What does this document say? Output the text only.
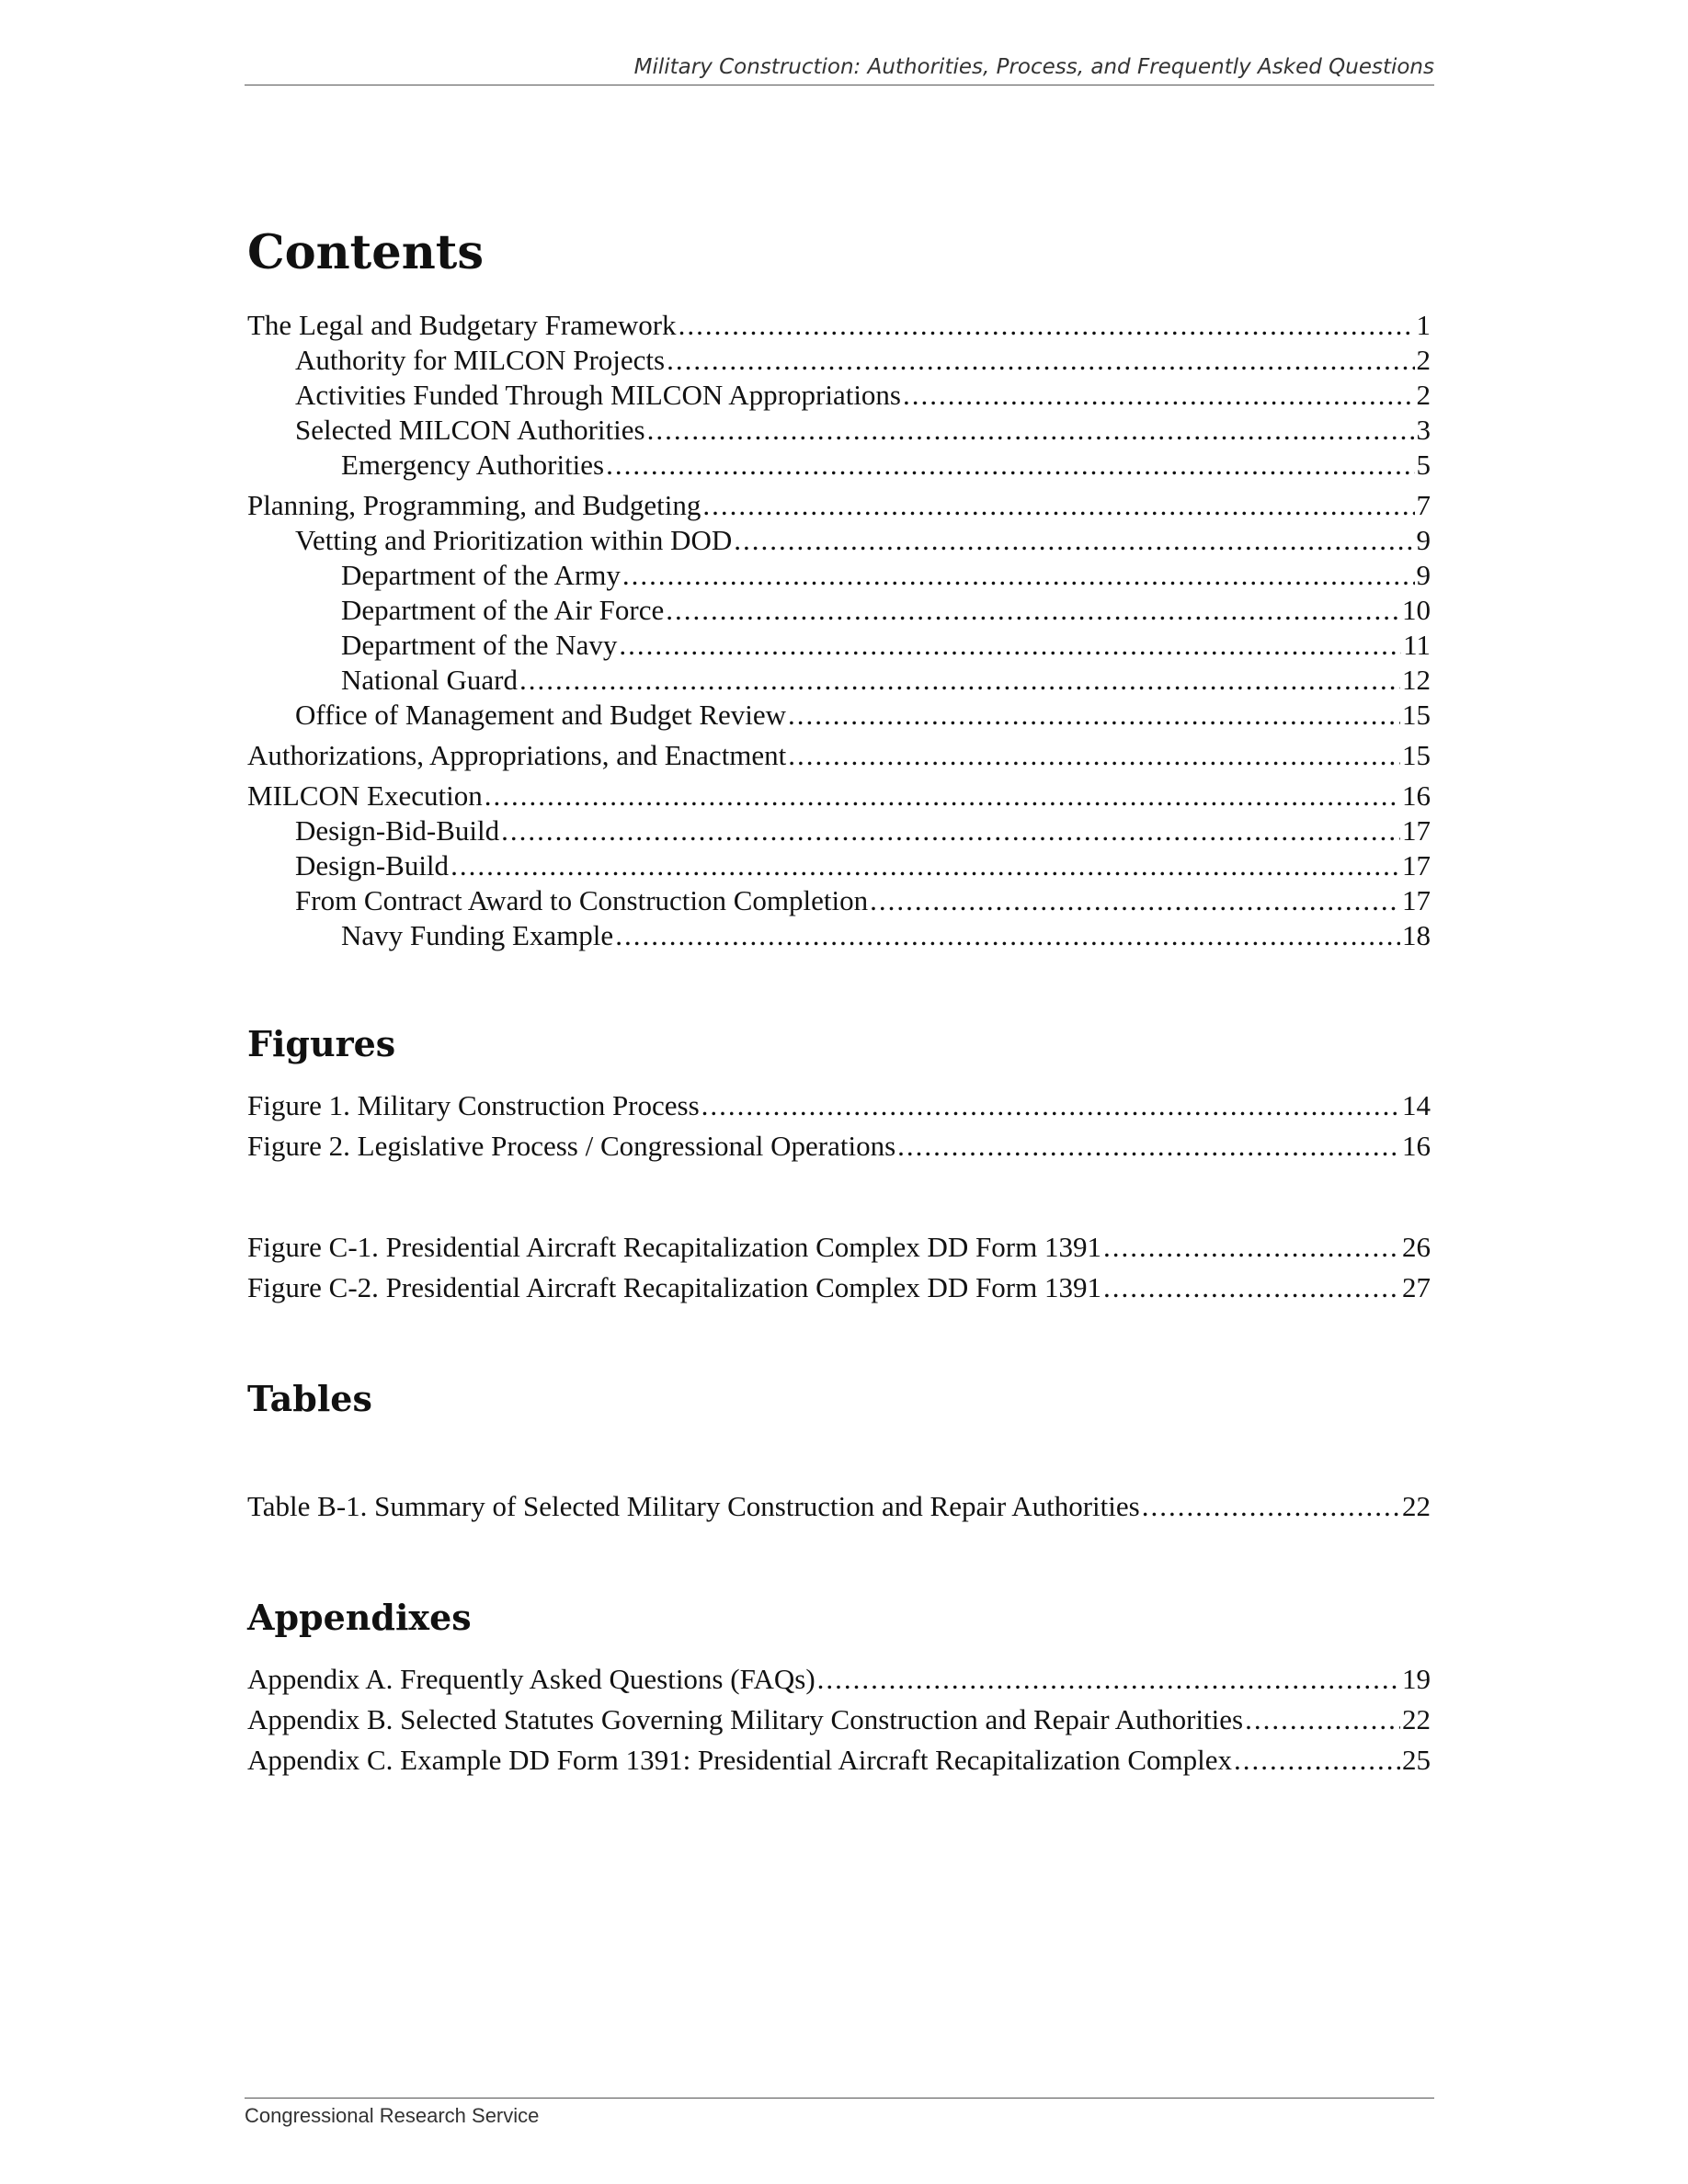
Military Construction: Authorities, Process, and Frequently Asked Questions
Contents
The Legal and Budgetary Framework .....	1
Authority for MILCON Projects .....	2
Activities Funded Through MILCON Appropriations .....	2
Selected MILCON Authorities .....	3
Emergency Authorities .....	5
Planning, Programming, and Budgeting .....	7
Vetting and Prioritization within DOD .....	9
Department of the Army .....	9
Department of the Air Force .....	10
Department of the Navy .....	11
National Guard .....	12
Office of Management and Budget Review .....	15
Authorizations, Appropriations, and Enactment .....	15
MILCON Execution .....	16
Design-Bid-Build .....	17
Design-Build .....	17
From Contract Award to Construction Completion .....	17
Navy Funding Example .....	18
Figures
Figure 1. Military Construction Process .....	14
Figure 2. Legislative Process / Congressional Operations .....	16
Figure C-1. Presidential Aircraft Recapitalization Complex DD Form 1391 .....	26
Figure C-2. Presidential Aircraft Recapitalization Complex DD Form 1391 .....	27
Tables
Table B-1. Summary of Selected Military Construction and Repair Authorities .....	22
Appendixes
Appendix A. Frequently Asked Questions (FAQs) .....	19
Appendix B. Selected Statutes Governing Military Construction and Repair Authorities .....	22
Appendix C. Example DD Form 1391: Presidential Aircraft Recapitalization Complex .....	25
Congressional Research Service
